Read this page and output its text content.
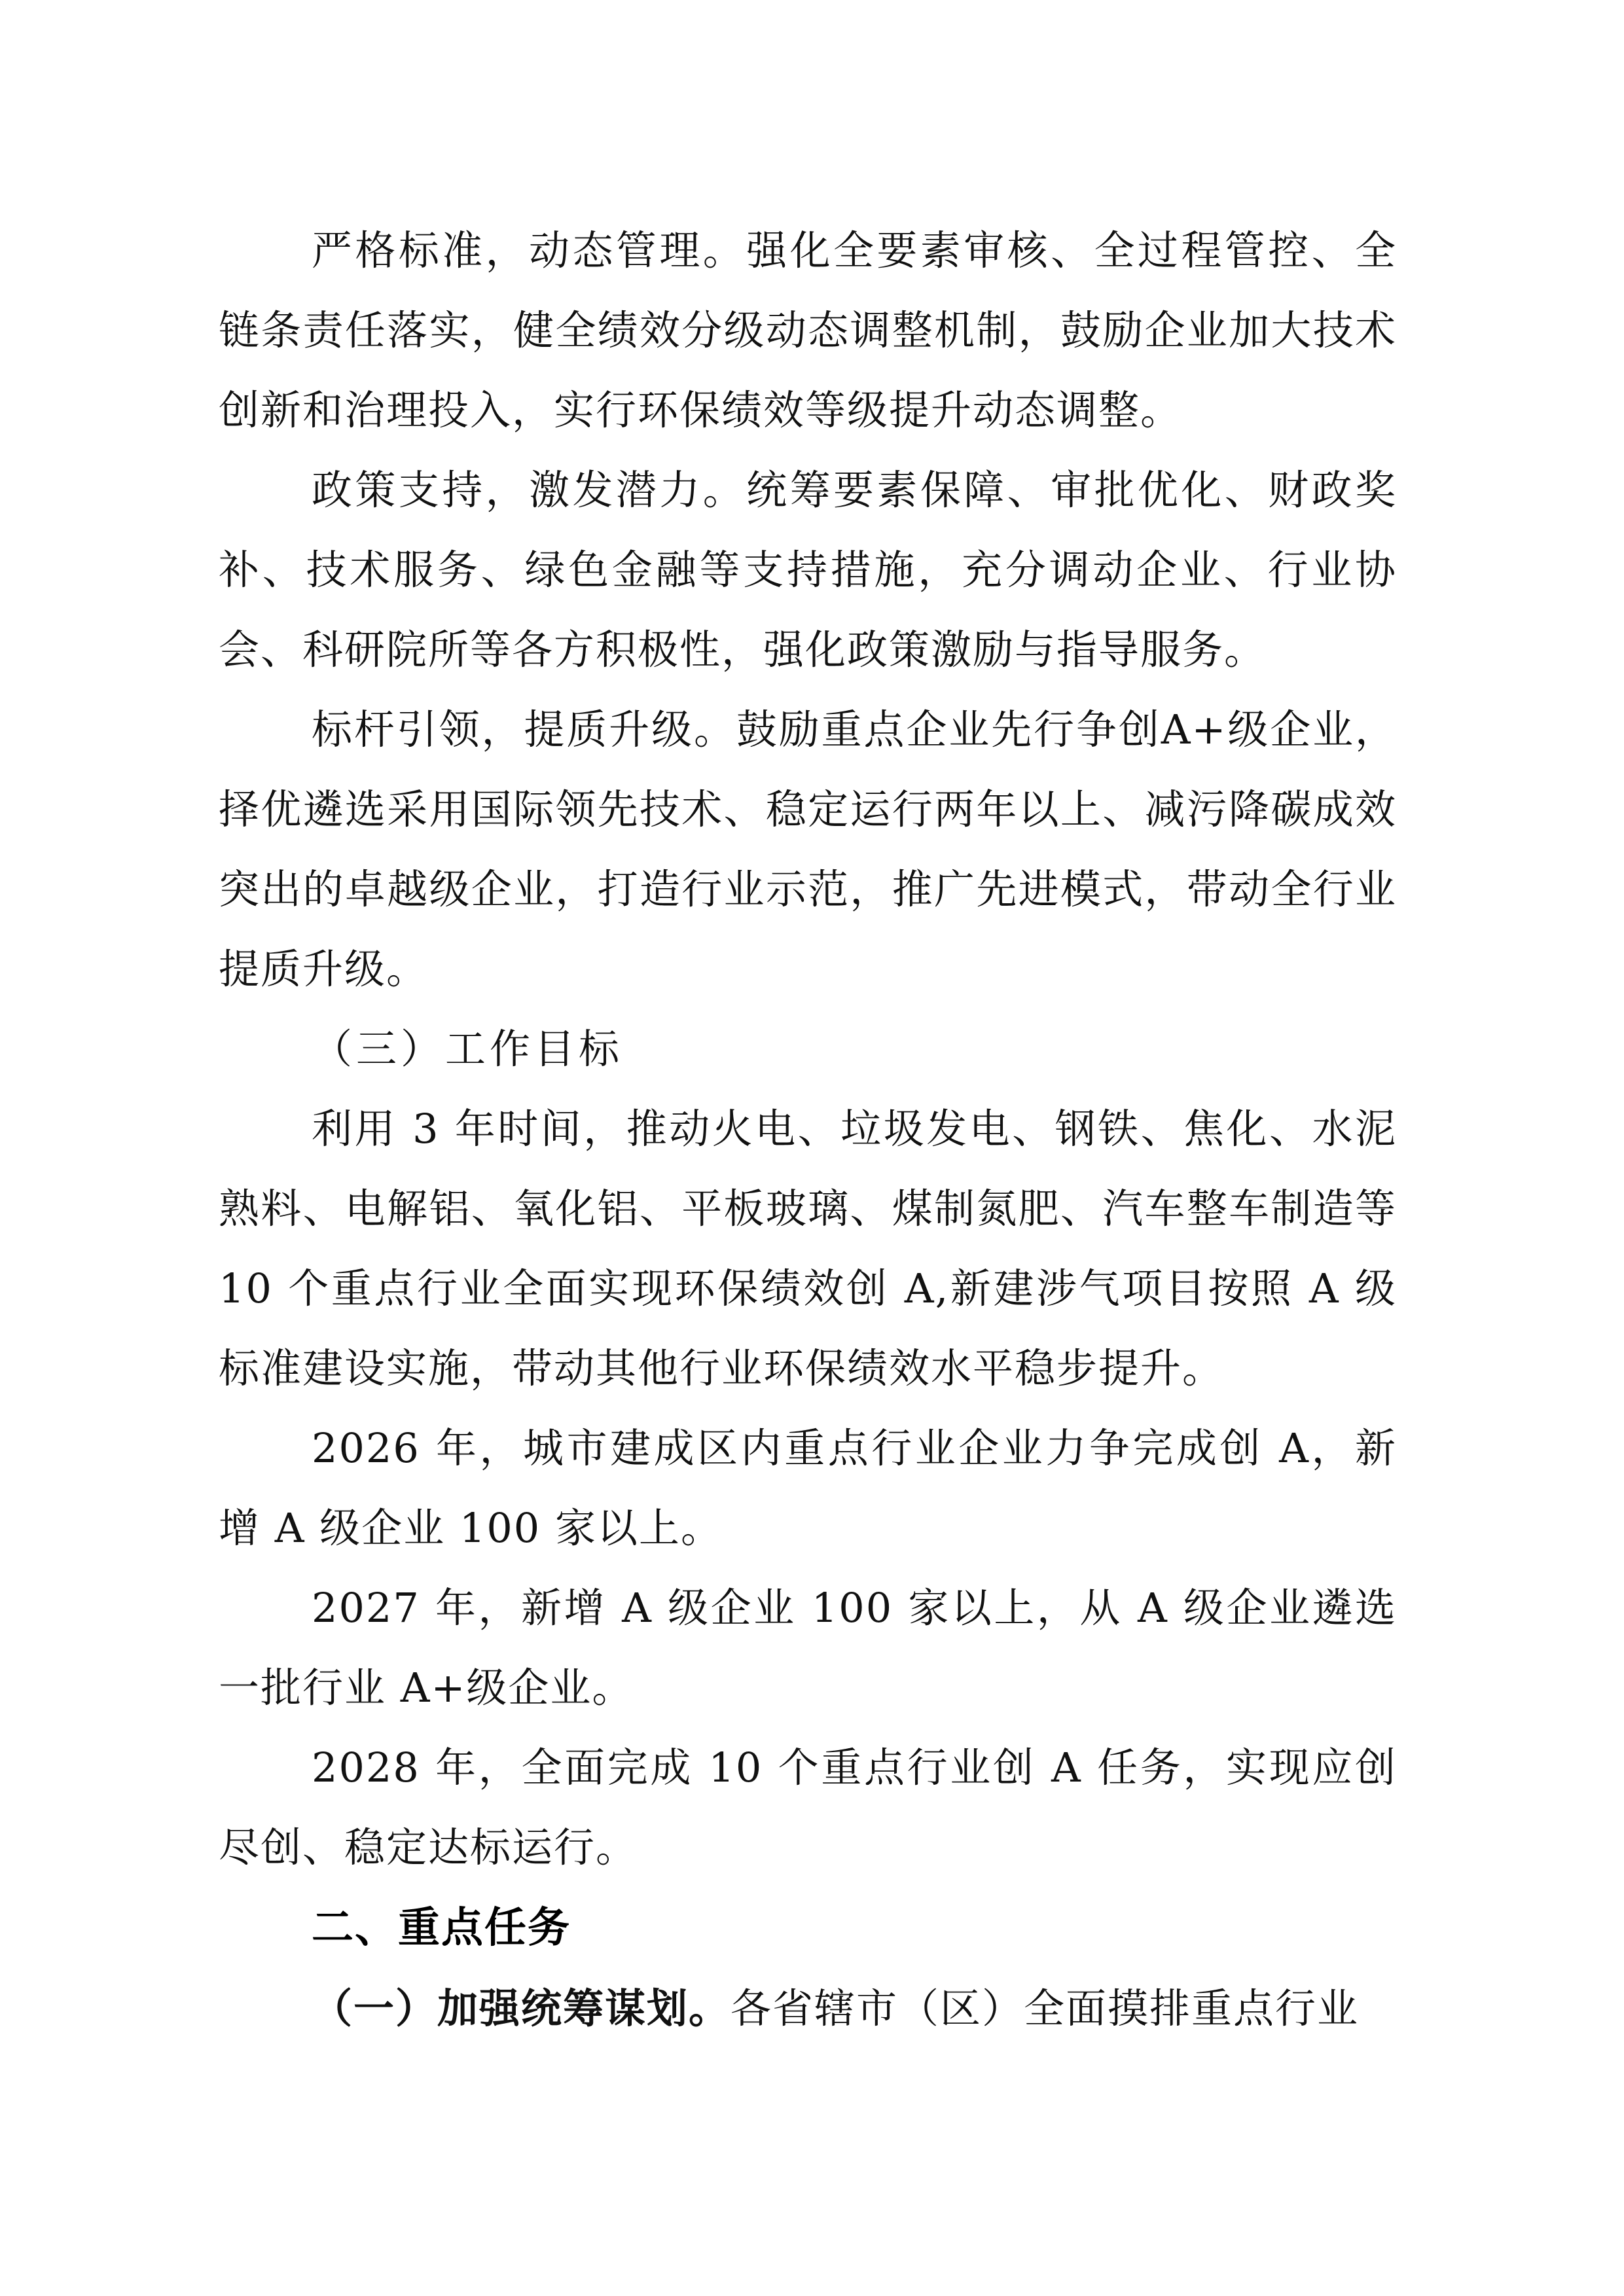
严格标准，动态管理。强化全要素审核、全过程管控、全链条责任落实，健全绩效分级动态调整机制，鼓励企业加大技术创新和治理投入，实行环保绩效等级提升动态调整。

政策支持，激发潜力。统筹要素保障、审批优化、财政奖补、技术服务、绿色金融等支持措施，充分调动企业、行业协会、科研院所等各方积极性，强化政策激励与指导服务。

标杆引领，提质升级。鼓励重点企业先行争创A+级企业，择优遴选采用国际领先技术、稳定运行两年以上、减污降碳成效突出的卓越级企业，打造行业示范，推广先进模式，带动全行业提质升级。

（三）工作目标

利用 3 年时间，推动火电、垃圾发电、钢铁、焦化、水泥熟料、电解铝、氧化铝、平板玻璃、煤制氮肥、汽车整车制造等 10 个重点行业全面实现环保绩效创 A,新建涉气项目按照 A 级标准建设实施，带动其他行业环保绩效水平稳步提升。

2026 年，城市建成区内重点行业企业力争完成创 A，新增 A 级企业 100 家以上。

2027 年，新增 A 级企业 100 家以上，从 A 级企业遴选一批行业 A+级企业。

2028 年，全面完成 10 个重点行业创 A 任务，实现应创尽创、稳定达标运行。

二、重点任务

（一）加强统筹谋划。各省辖市（区）全面摸排重点行业
